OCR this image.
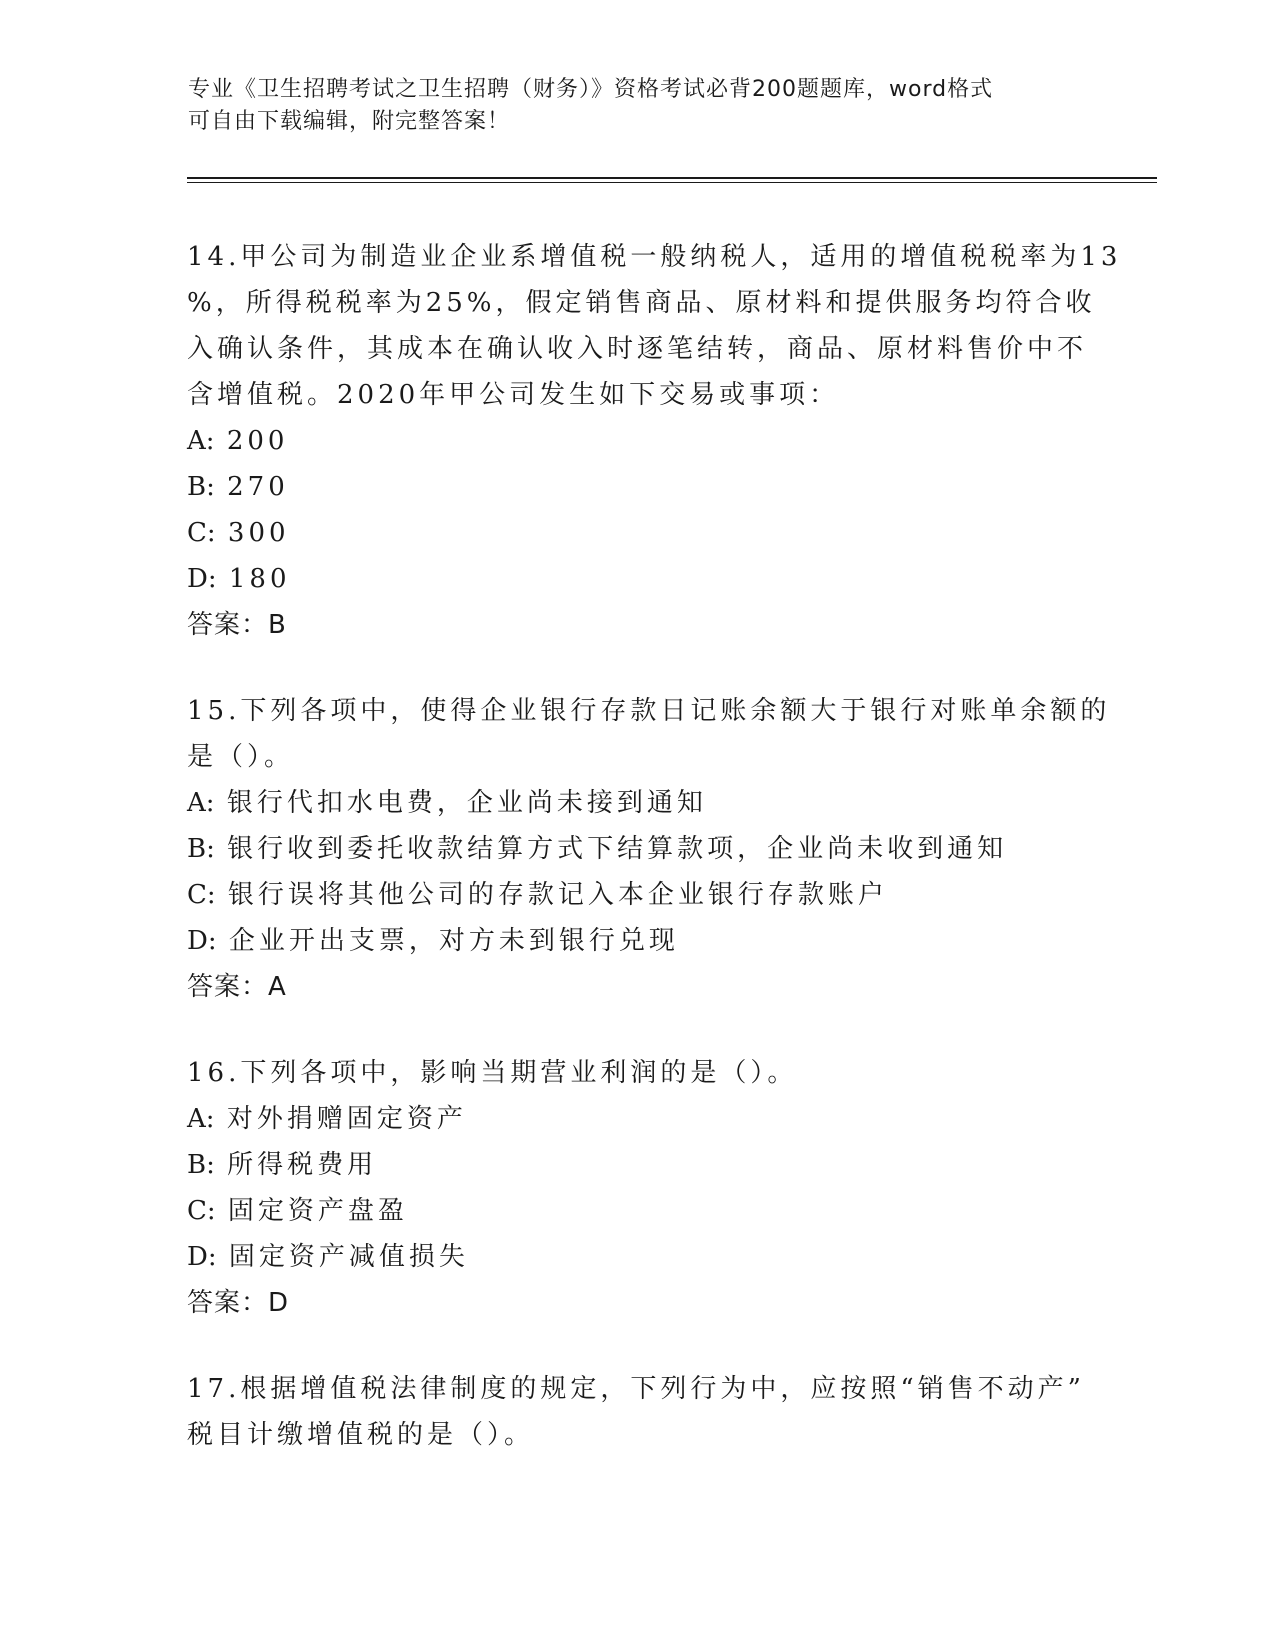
专业《卫生招聘考试之卫生招聘（财务）》资格考试必背200题题库，word格式
可自由下载编辑，附完整答案！
14.甲公司为制造业企业系增值税一般纳税人，适用的增值税税率为13
%，所得税税率为25%，假定销售商品、原材料和提供服务均符合收
入确认条件，其成本在确认收入时逐笔结转，商品、原材料售价中不
含增值税。2020年甲公司发生如下交易或事项：
A: 200
B: 270
C: 300
D: 180
答案：B
15.下列各项中，使得企业银行存款日记账余额大于银行对账单余额的
是（）。
A: 银行代扣水电费，企业尚未接到通知
B: 银行收到委托收款结算方式下结算款项，企业尚未收到通知
C: 银行误将其他公司的存款记入本企业银行存款账户
D: 企业开出支票，对方未到银行兑现
答案：A
16.下列各项中，影响当期营业利润的是（）。
A: 对外捐赠固定资产
B: 所得税费用
C: 固定资产盘盈
D: 固定资产减值损失
答案：D
17.根据增值税法律制度的规定，下列行为中，应按照“销售不动产”
税目计缴增值税的是（）。
